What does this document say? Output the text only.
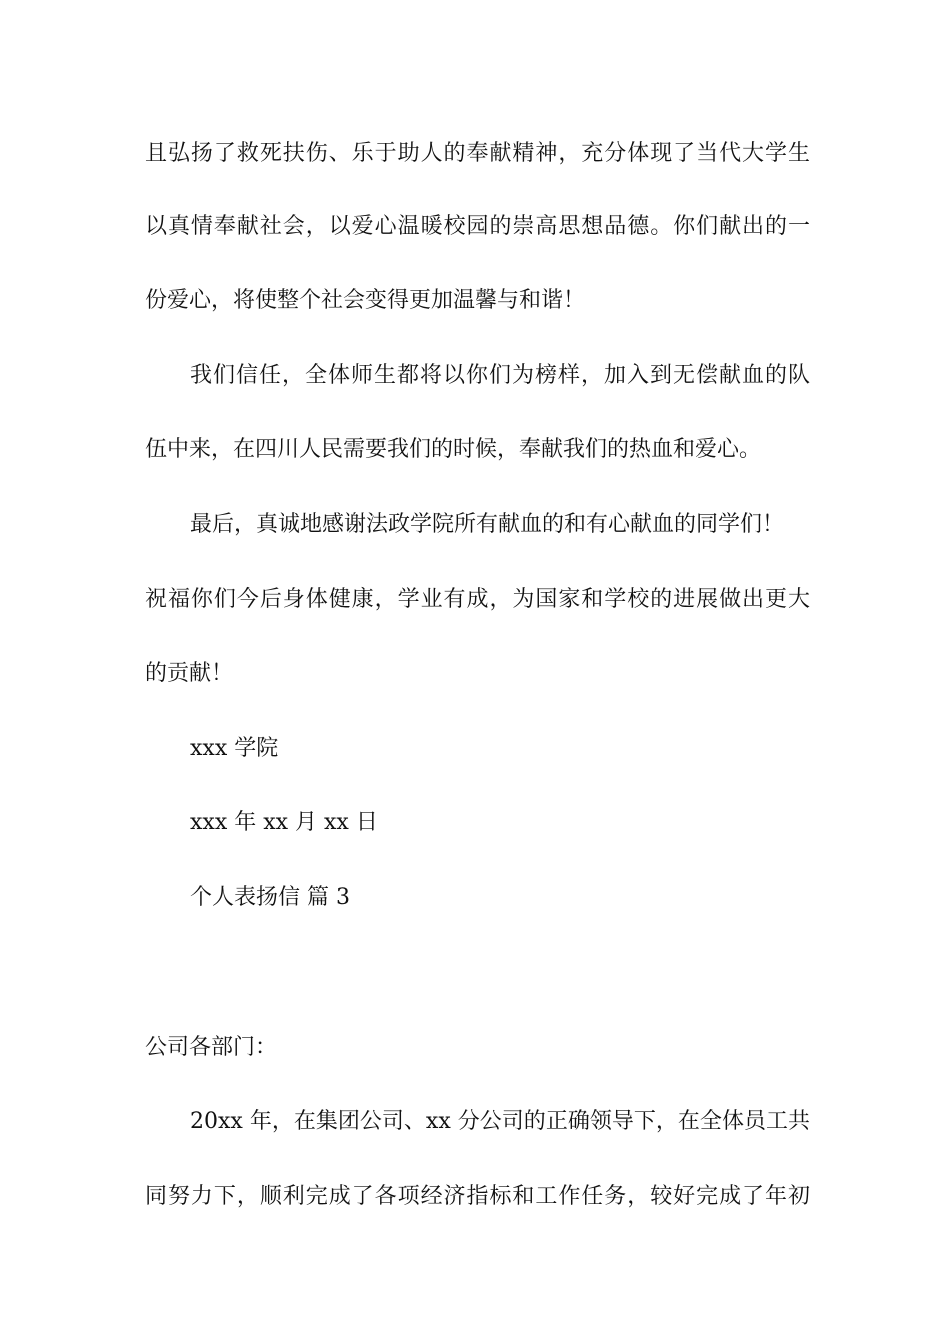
且弘扬了救死扶伤、乐于助人的奉献精神，充分体现了当代大学生
以真情奉献社会，以爱心温暖校园的崇高思想品德。你们献出的一
份爱心，将使整个社会变得更加温馨与和谐！
我们信任，全体师生都将以你们为榜样，加入到无偿献血的队
伍中来，在四川人民需要我们的时候，奉献我们的热血和爱心。
最后，真诚地感谢法政学院所有献血的和有心献血的同学们！
祝福你们今后身体健康，学业有成，为国家和学校的进展做出更大
的贡献！
xxx 学院
xxx 年 xx 月 xx 日
个人表扬信 篇 3
公司各部门：
20xx 年，在集团公司、xx 分公司的正确领导下，在全体员工共
同努力下，顺利完成了各项经济指标和工作任务，较好完成了年初
